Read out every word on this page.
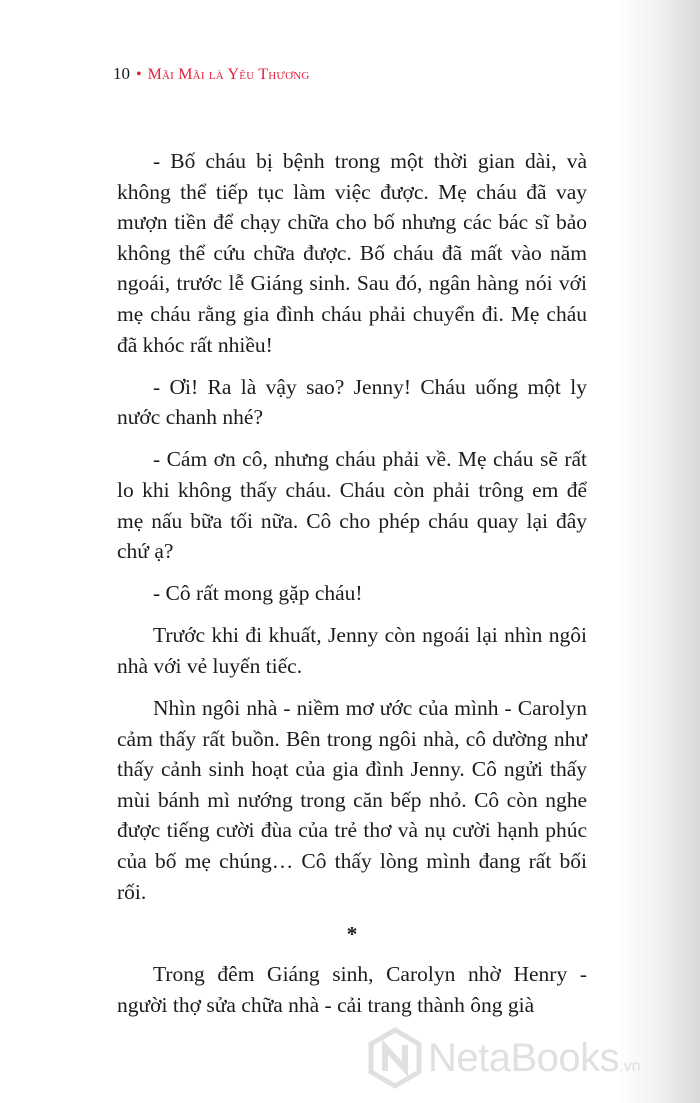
10 • Mãi Mãi là Yêu Thương

- Bố cháu bị bệnh trong một thời gian dài, và không thể tiếp tục làm việc được. Mẹ cháu đã vay mượn tiền để chạy chữa cho bố nhưng các bác sĩ bảo không thể cứu chữa được. Bố cháu đã mất vào năm ngoái, trước lễ Giáng sinh. Sau đó, ngân hàng nói với mẹ cháu rằng gia đình cháu phải chuyển đi. Mẹ cháu đã khóc rất nhiều!

- Ơi! Ra là vậy sao? Jenny! Cháu uống một ly nước chanh nhé?

- Cám ơn cô, nhưng cháu phải về. Mẹ cháu sẽ rất lo khi không thấy cháu. Cháu còn phải trông em để mẹ nấu bữa tối nữa. Cô cho phép cháu quay lại đây chứ ạ?

- Cô rất mong gặp cháu!

Trước khi đi khuất, Jenny còn ngoái lại nhìn ngôi nhà với vẻ luyến tiếc.

Nhìn ngôi nhà - niềm mơ ước của mình - Carolyn cảm thấy rất buồn. Bên trong ngôi nhà, cô dường như thấy cảnh sinh hoạt của gia đình Jenny. Cô ngửi thấy mùi bánh mì nướng trong căn bếp nhỏ. Cô còn nghe được tiếng cười đùa của trẻ thơ và nụ cười hạnh phúc của bố mẹ chúng… Cô thấy lòng mình đang rất bối rối.

*

Trong đêm Giáng sinh, Carolyn nhờ Henry - người thợ sửa chữa nhà - cải trang thành ông già

NetaBooks .vn
